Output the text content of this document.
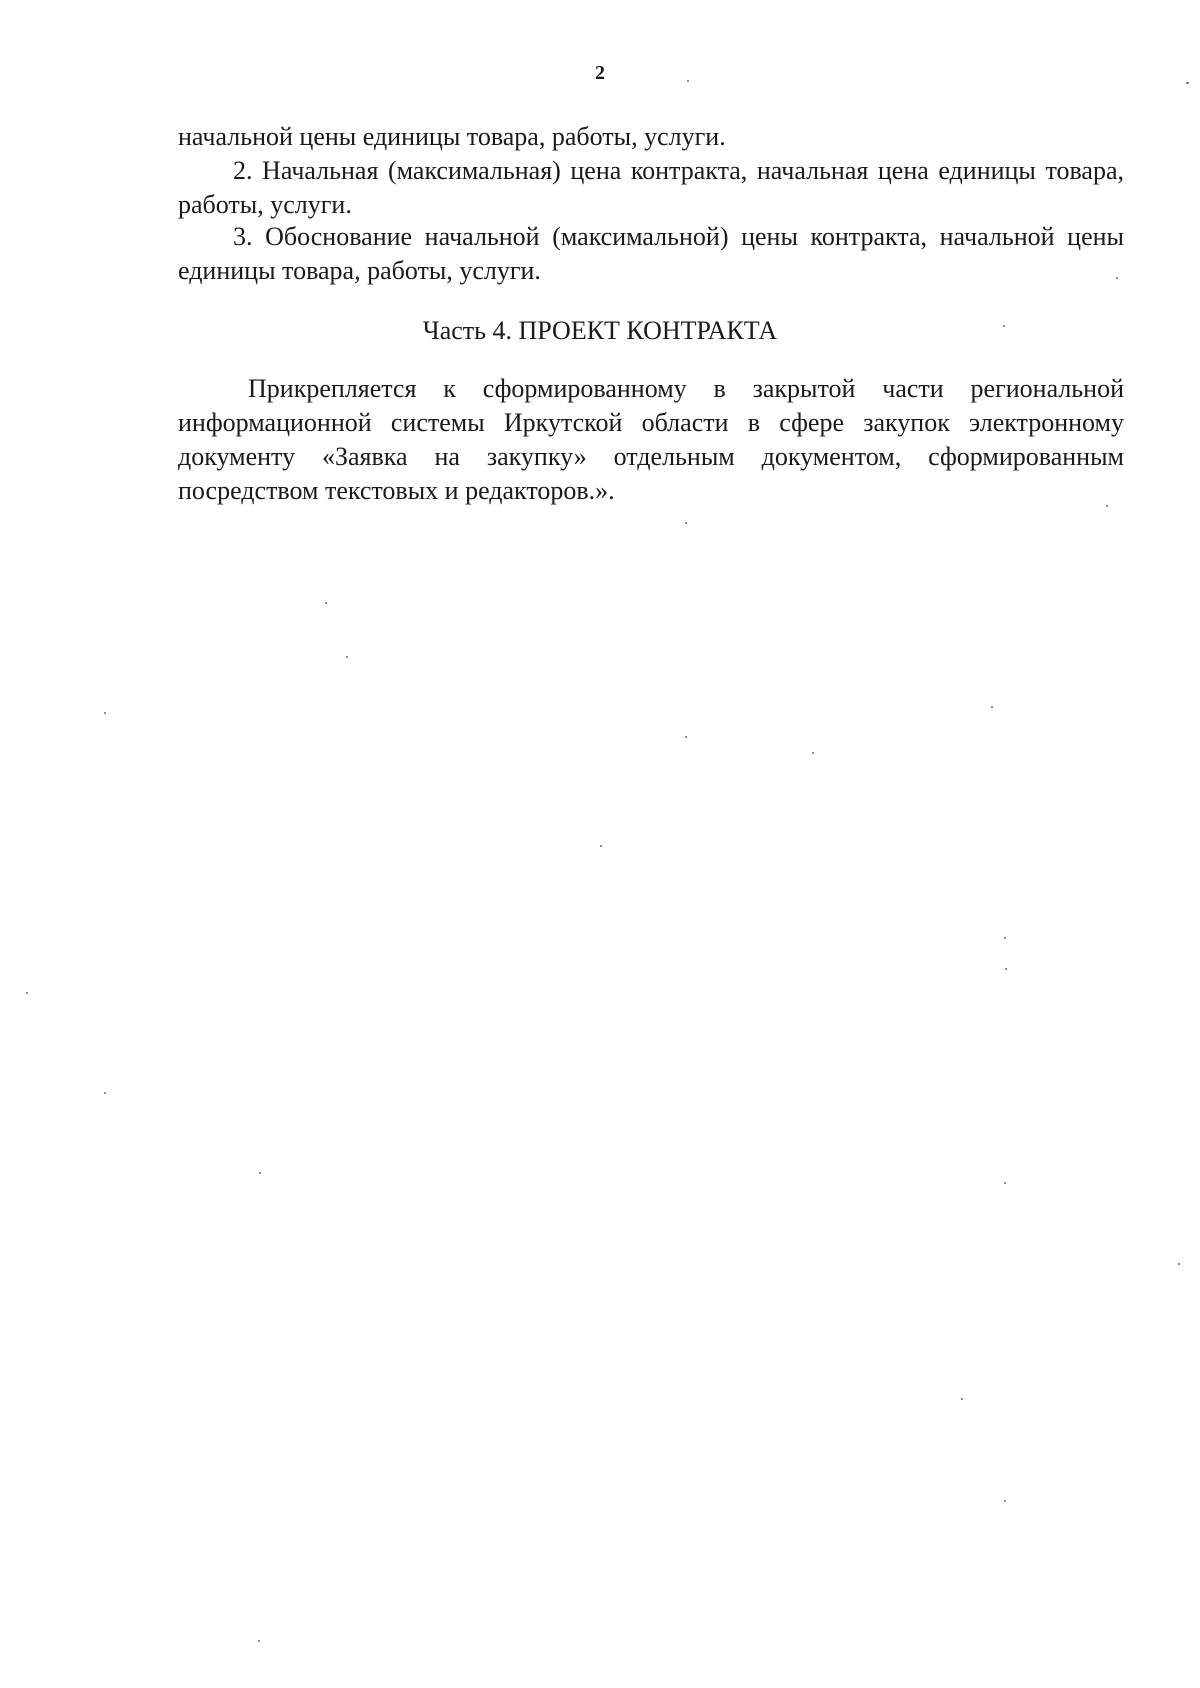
2
начальной цены единицы товара, работы, услуги.
2. Начальная (максимальная) цена контракта, начальная цена единицы товара, работы, услуги.
3. Обоснование начальной (максимальной) цены контракта, начальной цены единицы товара, работы, услуги.
Часть 4. ПРОЕКТ КОНТРАКТА
Прикрепляется к сформированному в закрытой части региональной информационной системы Иркутской области в сфере закупок электронному документу «Заявка на закупку» отдельным документом, сформированным посредством текстовых и редакторов.».
